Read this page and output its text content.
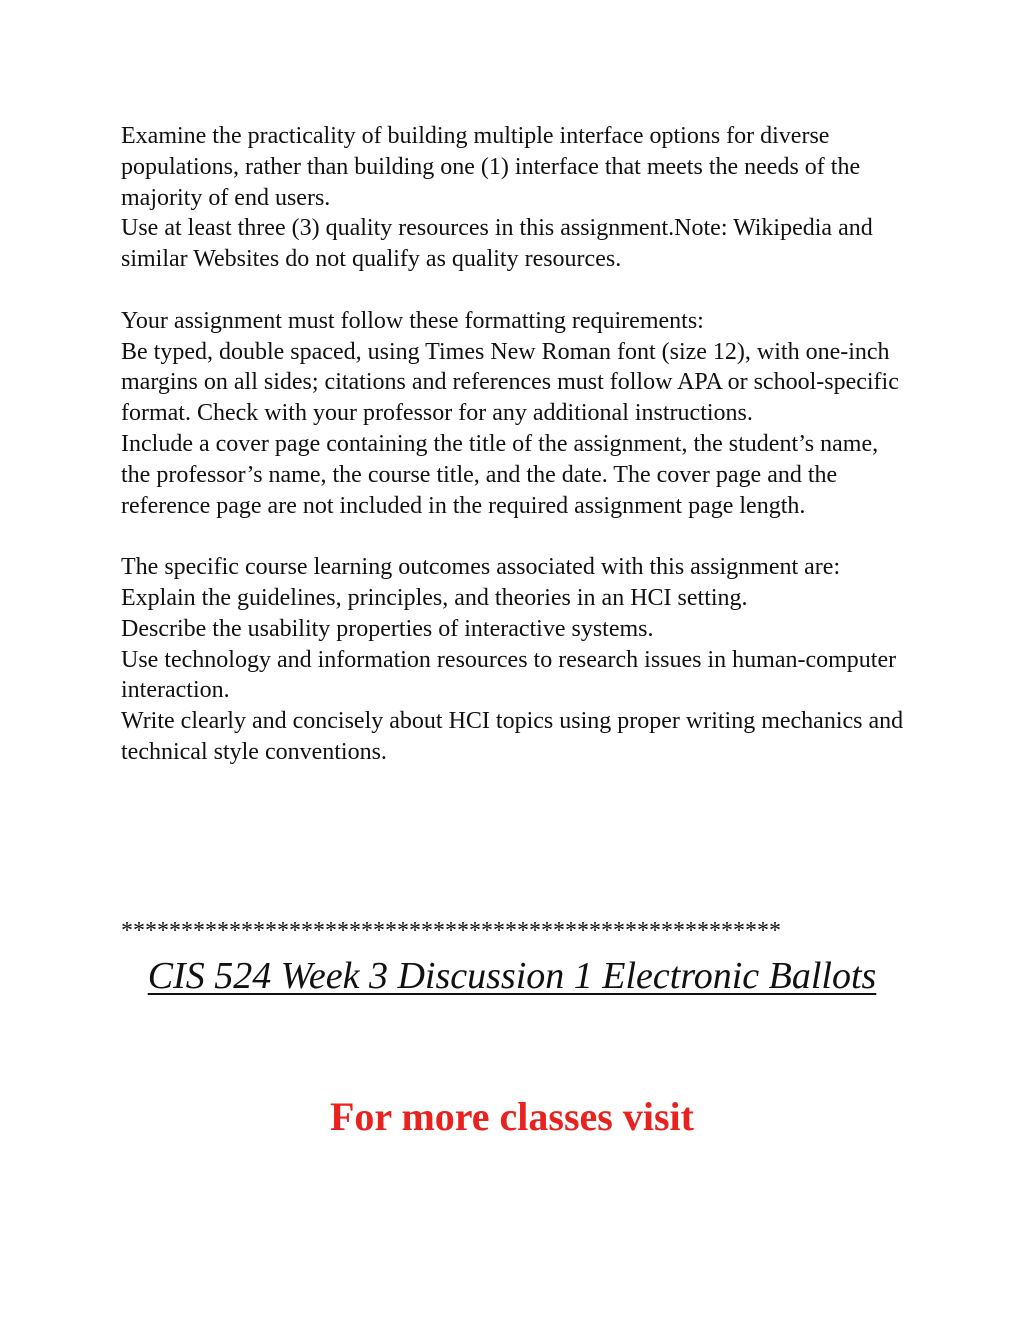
Examine the practicality of building multiple interface options for diverse populations, rather than building one (1) interface that meets the needs of the majority of end users.

Use at least three (3) quality resources in this assignment.Note: Wikipedia and similar Websites do not qualify as quality resources.

Your assignment must follow these formatting requirements:

Be typed, double spaced, using Times New Roman font (size 12), with one-inch margins on all sides; citations and references must follow APA or school-specific format. Check with your professor for any additional instructions.

Include a cover page containing the title of the assignment, the student’s name, the professor’s name, the course title, and the date. The cover page and the reference page are not included in the required assignment page length.

The specific course learning outcomes associated with this assignment are:

Explain the guidelines, principles, and theories in an HCI setting.

Describe the usability properties of interactive systems.

Use technology and information resources to research issues in human-computer interaction.

Write clearly and concisely about HCI topics using proper writing mechanics and technical style conventions.

*******************************************************
CIS 524 Week 3 Discussion 1 Electronic Ballots
For more classes visit
